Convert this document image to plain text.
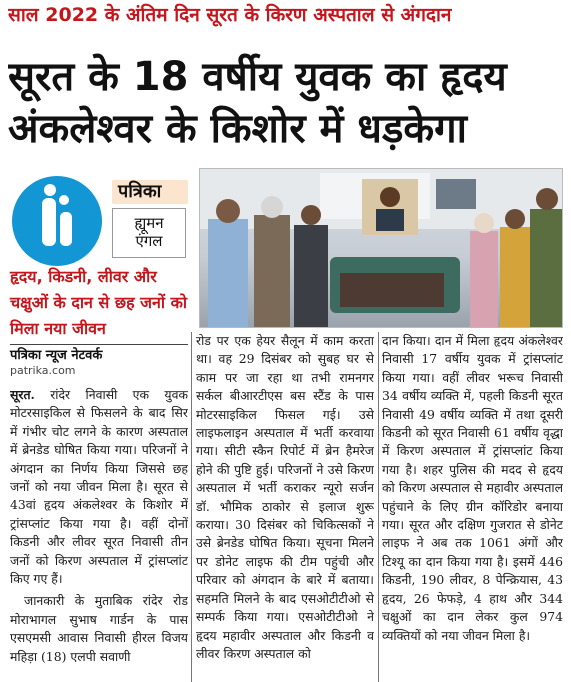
साल 2022 के अंतिम दिन सूरत के किरण अस्पताल से अंगदान
सूरत के 18 वर्षीय युवक का हृदय
अंकलेश्वर के किशोर में धड़केगा
पत्रिका
ह्यूमन
एंगल
हृदय, किडनी, लीवर और चक्षुओं के दान से छह जनों को मिला नया जीवन
पत्रिका न्यूज नेटवर्क
patrika.com

सूरत. रांदेर निवासी एक युवक मोटरसाइकिल से फिसलने के बाद सिर में गंभीर चोट लगने के कारण अस्पताल में ब्रेनडेड घोषित किया गया। परिजनों ने अंगदान का निर्णय किया जिससे छह जनों को नया जीवन मिला है। सूरत से 43वां हृदय अंकलेश्वर के किशोर में ट्रांसप्लांट किया गया है। वहीं दोनों किडनी और लीवर सूरत निवासी तीन जनों को किरण अस्पताल में ट्रांसप्लांट किए गए हैं।

जानकारी के मुताबिक रांदेर रोड मोराभागल सुभाष गार्डन के पास एसएमसी आवास निवासी हीरल विजय महिड़ा (18) एलपी सवाणी

रोड पर एक हेयर सैलून में काम करता था। वह 29 दिसंबर को सुबह घर से काम पर जा रहा था तभी रामनगर सर्कल बीआरटीएस बस स्टैंड के पास मोटरसाइकिल फिसल गई। उसे लाइफलाइन अस्पताल में भर्ती करवाया गया। सीटी स्कैन रिपोर्ट में ब्रेन हैमरेज होने की पुष्टि हुई। परिजनों ने उसे किरण अस्पताल में भर्ती कराकर न्यूरो सर्जन डॉ. भौमिक ठाकोर से इलाज शुरू कराया। 30 दिसंबर को चिकित्सकों ने उसे ब्रेनडेड घोषित किया। सूचना मिलने पर डोनेट लाइफ की टीम पहुंची और परिवार को अंगदान के बारे में बताया। सहमति मिलने के बाद एसओटीटीओ से सम्पर्क किया गया। एसओटीटीओ ने हृदय महावीर अस्पताल और किडनी व लीवर किरण अस्पताल को

दान किया। दान में मिला हृदय अंकलेश्वर निवासी 17 वर्षीय युवक में ट्रांसप्लांट किया गया। वहीं लीवर भरूच निवासी 34 वर्षीय व्यक्ति में, पहली किडनी सूरत निवासी 49 वर्षीय व्यक्ति में तथा दूसरी किडनी को सूरत निवासी 61 वर्षीय वृद्धा में किरण अस्पताल में ट्रांसप्लांट किया गया है। शहर पुलिस की मदद से हृदय को किरण अस्पताल से महावीर अस्पताल पहुंचाने के लिए ग्रीन कॉरिडोर बनाया गया। सूरत और दक्षिण गुजरात से डोनेट लाइफ ने अब तक 1061 अंगों और टिश्यू का दान किया गया है। इसमें 446 किडनी, 190 लीवर, 8 पेन्क्रियास, 43 हृदय, 26 फेफड़े, 4 हाथ और 344 चक्षुओं का दान लेकर कुल 974 व्यक्तियों को नया जीवन मिला है।
